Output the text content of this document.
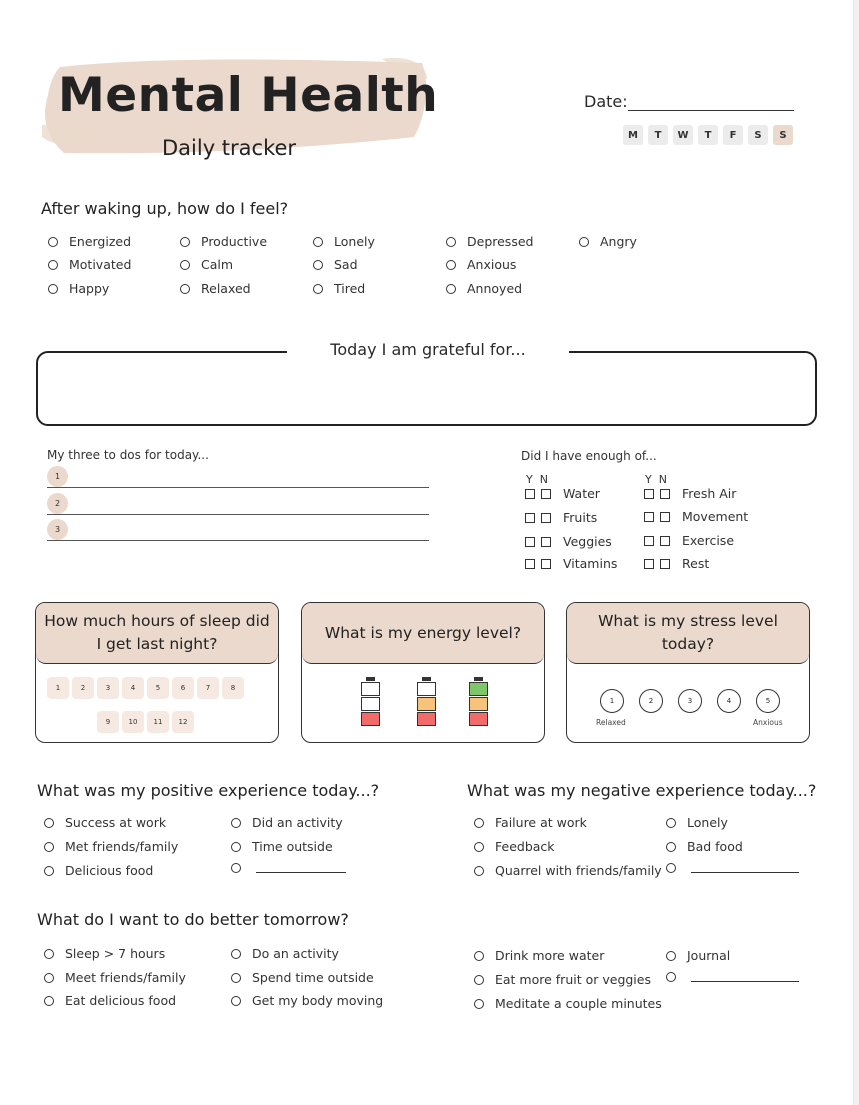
Mental Health
Daily tracker
Date:
M	T	W	T	F	S	S
After waking up, how do I feel?
Energized
Motivated
Happy
Productive
Calm
Relaxed
Lonely
Sad
Tired
Depressed
Anxious
Annoyed
Angry
Today I am grateful for...
My three to dos for today...
1
2
3
Did I have enough of...
YN	YN
Water
Fruits
Veggies
Vitamins
Fresh Air
Movement
Exercise
Rest
How much hours of sleep did I get last night?
1	2	3	4	5	6	7	8
9	10	11	12
What is my energy level?
What is my stress level today?
1	2	3	4	5
Relaxed	Anxious
What was my positive experience today...?
Success at work
Met friends/family
Delicious food
Did an activity
Time outside
What was my negative experience today...?
Failure at work
Feedback
Quarrel with friends/family
Lonely
Bad food
What do I want to do better tomorrow?
Sleep > 7 hours
Meet friends/family
Eat delicious food
Do an activity
Spend time outside
Get my body moving
Drink more water
Eat more fruit or veggies
Meditate a couple minutes
Journal
